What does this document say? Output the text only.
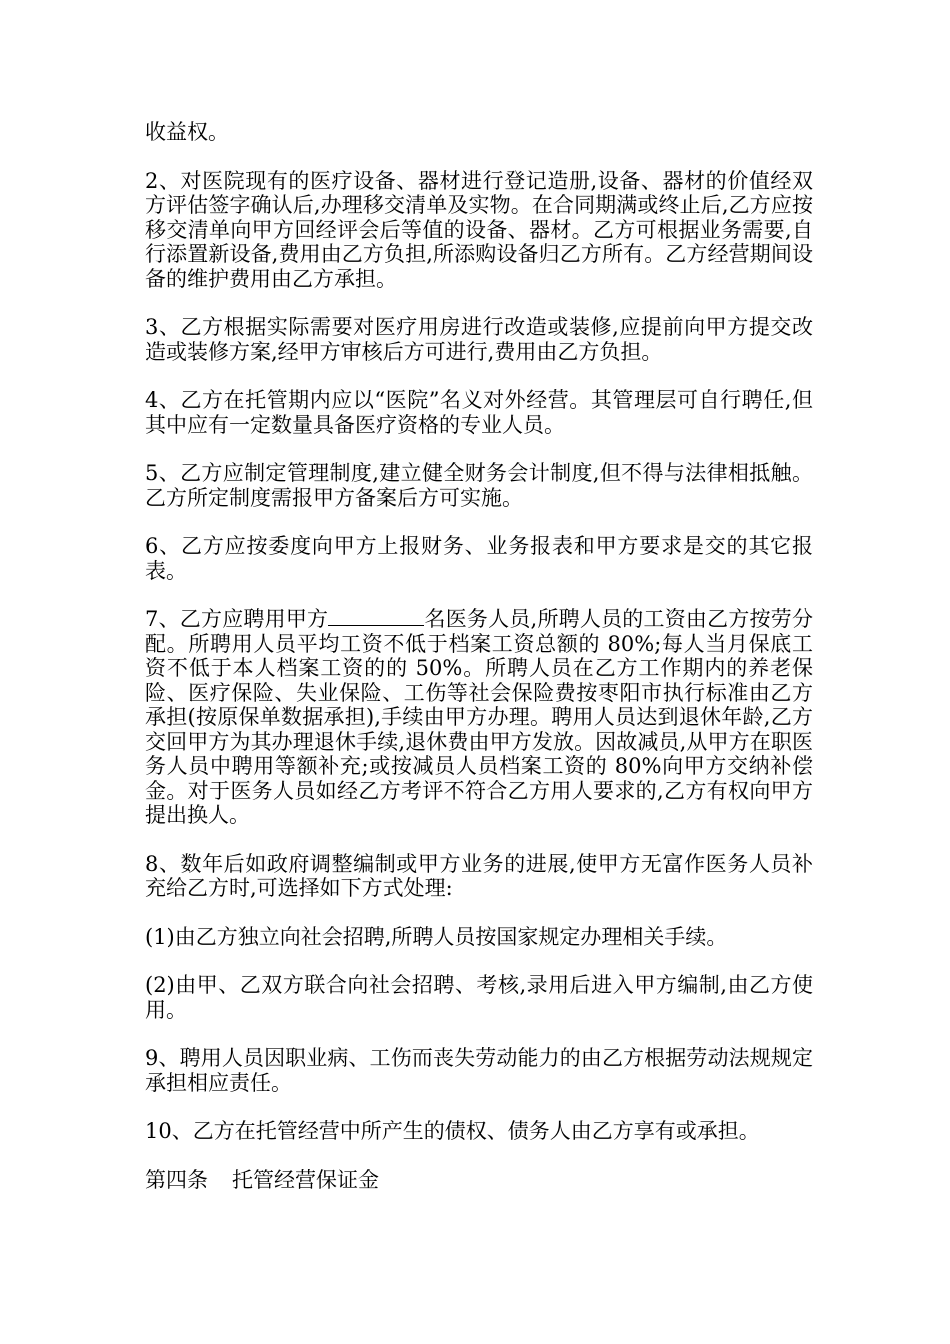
收益权。

2、对医院现有的医疗设备、器材进行登记造册,设备、器材的价值经双方评估签字确认后,办理移交清单及实物。在合同期满或终止后,乙方应按移交清单向甲方回经评会后等值的设备、器材。乙方可根据业务需要,自行添置新设备,费用由乙方负担,所添购设备归乙方所有。乙方经营期间设备的维护费用由乙方承担。

3、乙方根据实际需要对医疗用房进行改造或装修,应提前向甲方提交改造或装修方案,经甲方审核后方可进行,费用由乙方负担。

4、乙方在托管期内应以“医院”名义对外经营。其管理层可自行聘任,但其中应有一定数量具备医疗资格的专业人员。

5、乙方应制定管理制度,建立健全财务会计制度,但不得与法律相抵触。乙方所定制度需报甲方备案后方可实施。

6、乙方应按委度向甲方上报财务、业务报表和甲方要求是交的其它报表。

7、乙方应聘用甲方	名医务人员,所聘人员的工资由乙方按劳分配。所聘用人员平均工资不低于档案工资总额的 80%;每人当月保底工资不低于本人档案工资的的 50%。所聘人员在乙方工作期内的养老保险、医疗保险、失业保险、工伤等社会保险费按枣阳市执行标准由乙方承担(按原保单数据承担),手续由甲方办理。聘用人员达到退休年龄,乙方交回甲方为其办理退休手续,退休费由甲方发放。因故减员,从甲方在职医务人员中聘用等额补充;或按减员人员档案工资的 80%向甲方交纳补偿金。对于医务人员如经乙方考评不符合乙方用人要求的,乙方有权向甲方提出换人。

8、数年后如政府调整编制或甲方业务的进展,使甲方无富作医务人员补充给乙方时,可选择如下方式处理:

(1)由乙方独立向社会招聘,所聘人员按国家规定办理相关手续。

(2)由甲、乙双方联合向社会招聘、考核,录用后进入甲方编制,由乙方使用。

9、聘用人员因职业病、工伤而丧失劳动能力的由乙方根据劳动法规规定承担相应责任。

10、乙方在托管经营中所产生的债权、债务人由乙方享有或承担。

第四条 托管经营保证金
